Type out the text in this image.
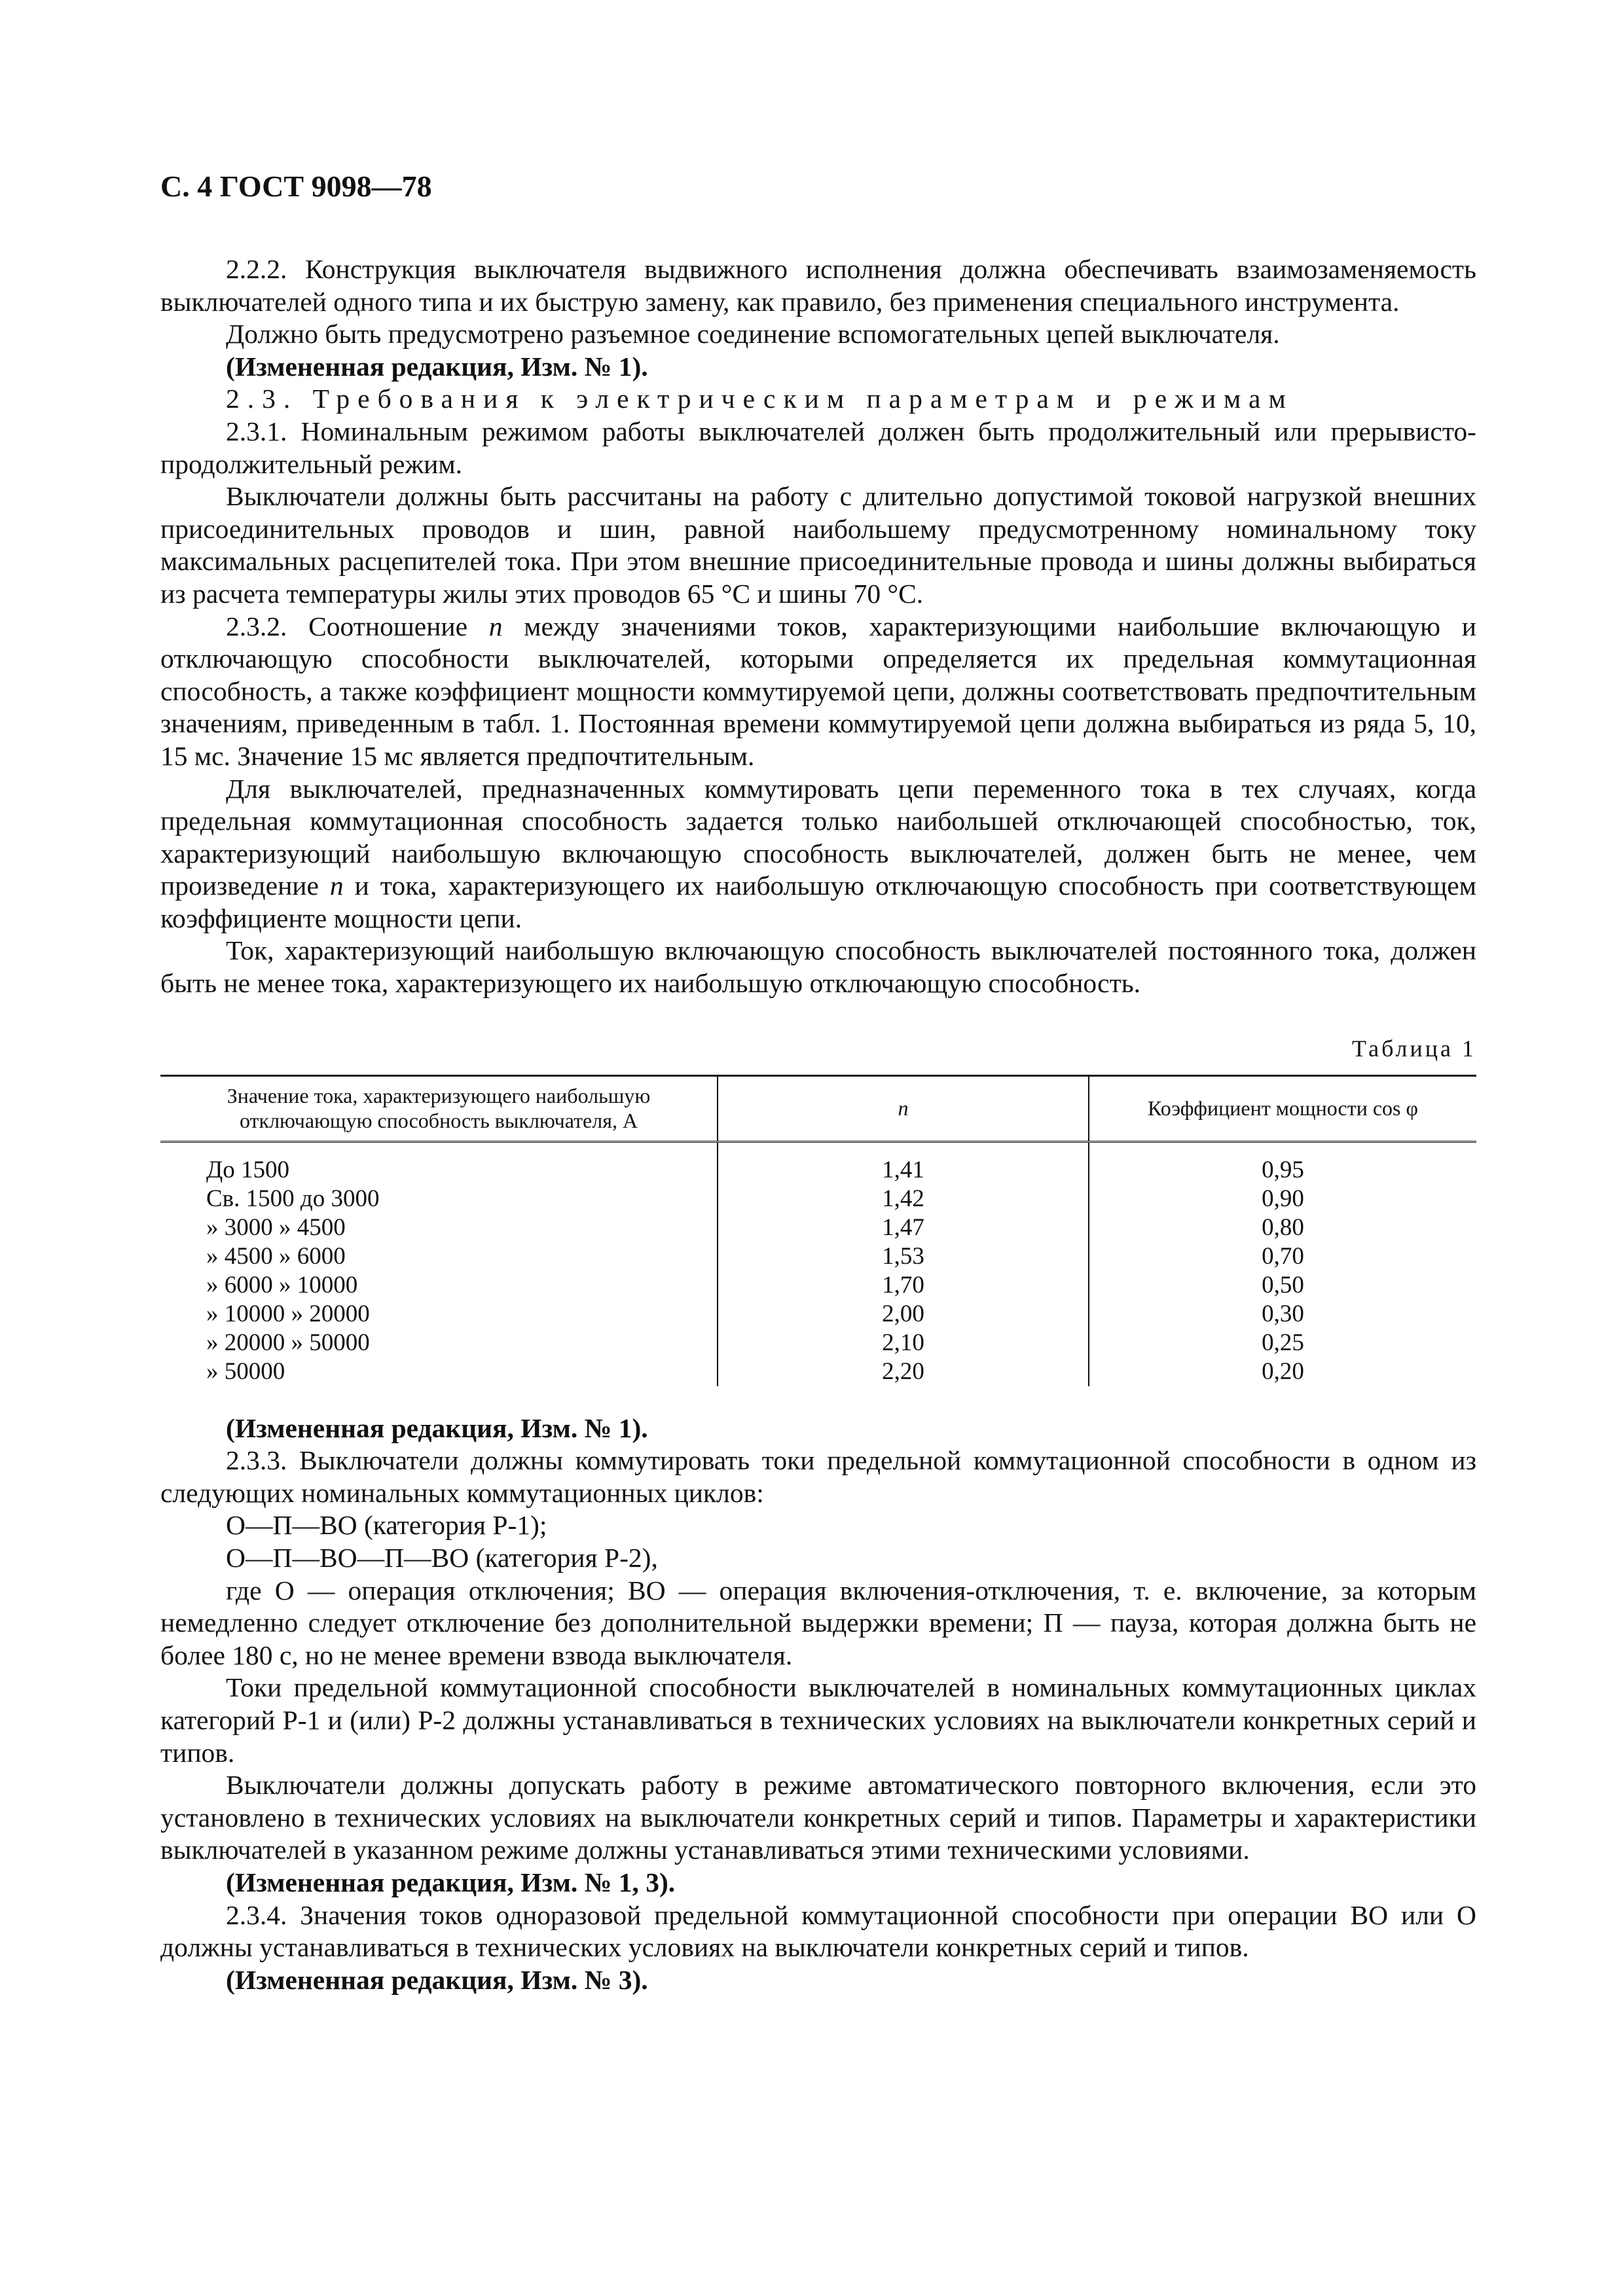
С. 4 ГОСТ 9098—78

2.2.2. Конструкция выключателя выдвижного исполнения должна обеспечивать взаимозаменяемость выключателей одного типа и их быструю замену, как правило, без применения специального инструмента.

Должно быть предусмотрено разъемное соединение вспомогательных цепей выключателя.

(Измененная редакция, Изм. № 1).

2.3. Требования к электрическим параметрам и режимам

2.3.1. Номинальным режимом работы выключателей должен быть продолжительный или прерывисто-продолжительный режим.

Выключатели должны быть рассчитаны на работу с длительно допустимой токовой нагрузкой внешних присоединительных проводов и шин, равной наибольшему предусмотренному номинальному току максимальных расцепителей тока. При этом внешние присоединительные провода и шины должны выбираться из расчета температуры жилы этих проводов 65 °С и шины 70 °С.

2.3.2. Соотношение n между значениями токов, характеризующими наибольшие включающую и отключающую способности выключателей, которыми определяется их предельная коммутационная способность, а также коэффициент мощности коммутируемой цепи, должны соответствовать предпочтительным значениям, приведенным в табл. 1. Постоянная времени коммутируемой цепи должна выбираться из ряда 5, 10, 15 мс. Значение 15 мс является предпочтительным.

Для выключателей, предназначенных коммутировать цепи переменного тока в тех случаях, когда предельная коммутационная способность задается только наибольшей отключающей способностью, ток, характеризующий наибольшую включающую способность выключателей, должен быть не менее, чем произведение n и тока, характеризующего их наибольшую отключающую способность при соответствующем коэффициенте мощности цепи.

Ток, характеризующий наибольшую включающую способность выключателей постоянного тока, должен быть не менее тока, характеризующего их наибольшую отключающую способность.

Таблица 1
Значение тока, характеризующего наибольшую отключающую способность выключателя, А	n	Коэффициент мощности cos φ
До 1500	1,41	0,95
Св. 1500 до 3000	1,42	0,90
» 3000 » 4500	1,47	0,80
» 4500 » 6000	1,53	0,70
» 6000 » 10000	1,70	0,50
» 10000 » 20000	2,00	0,30
» 20000 » 50000	2,10	0,25
» 50000	2,20	0,20

(Измененная редакция, Изм. № 1).

2.3.3. Выключатели должны коммутировать токи предельной коммутационной способности в одном из следующих номинальных коммутационных циклов:

О—П—ВО (категория Р-1);

О—П—ВО—П—ВО (категория Р-2),

где О — операция отключения; ВО — операция включения-отключения, т. е. включение, за которым немедленно следует отключение без дополнительной выдержки времени; П — пауза, которая должна быть не более 180 с, но не менее времени взвода выключателя.

Токи предельной коммутационной способности выключателей в номинальных коммутационных циклах категорий Р-1 и (или) Р-2 должны устанавливаться в технических условиях на выключатели конкретных серий и типов.

Выключатели должны допускать работу в режиме автоматического повторного включения, если это установлено в технических условиях на выключатели конкретных серий и типов. Параметры и характеристики выключателей в указанном режиме должны устанавливаться этими техническими условиями.

(Измененная редакция, Изм. № 1, 3).

2.3.4. Значения токов одноразовой предельной коммутационной способности при операции ВО или О должны устанавливаться в технических условиях на выключатели конкретных серий и типов.

(Измененная редакция, Изм. № 3).
